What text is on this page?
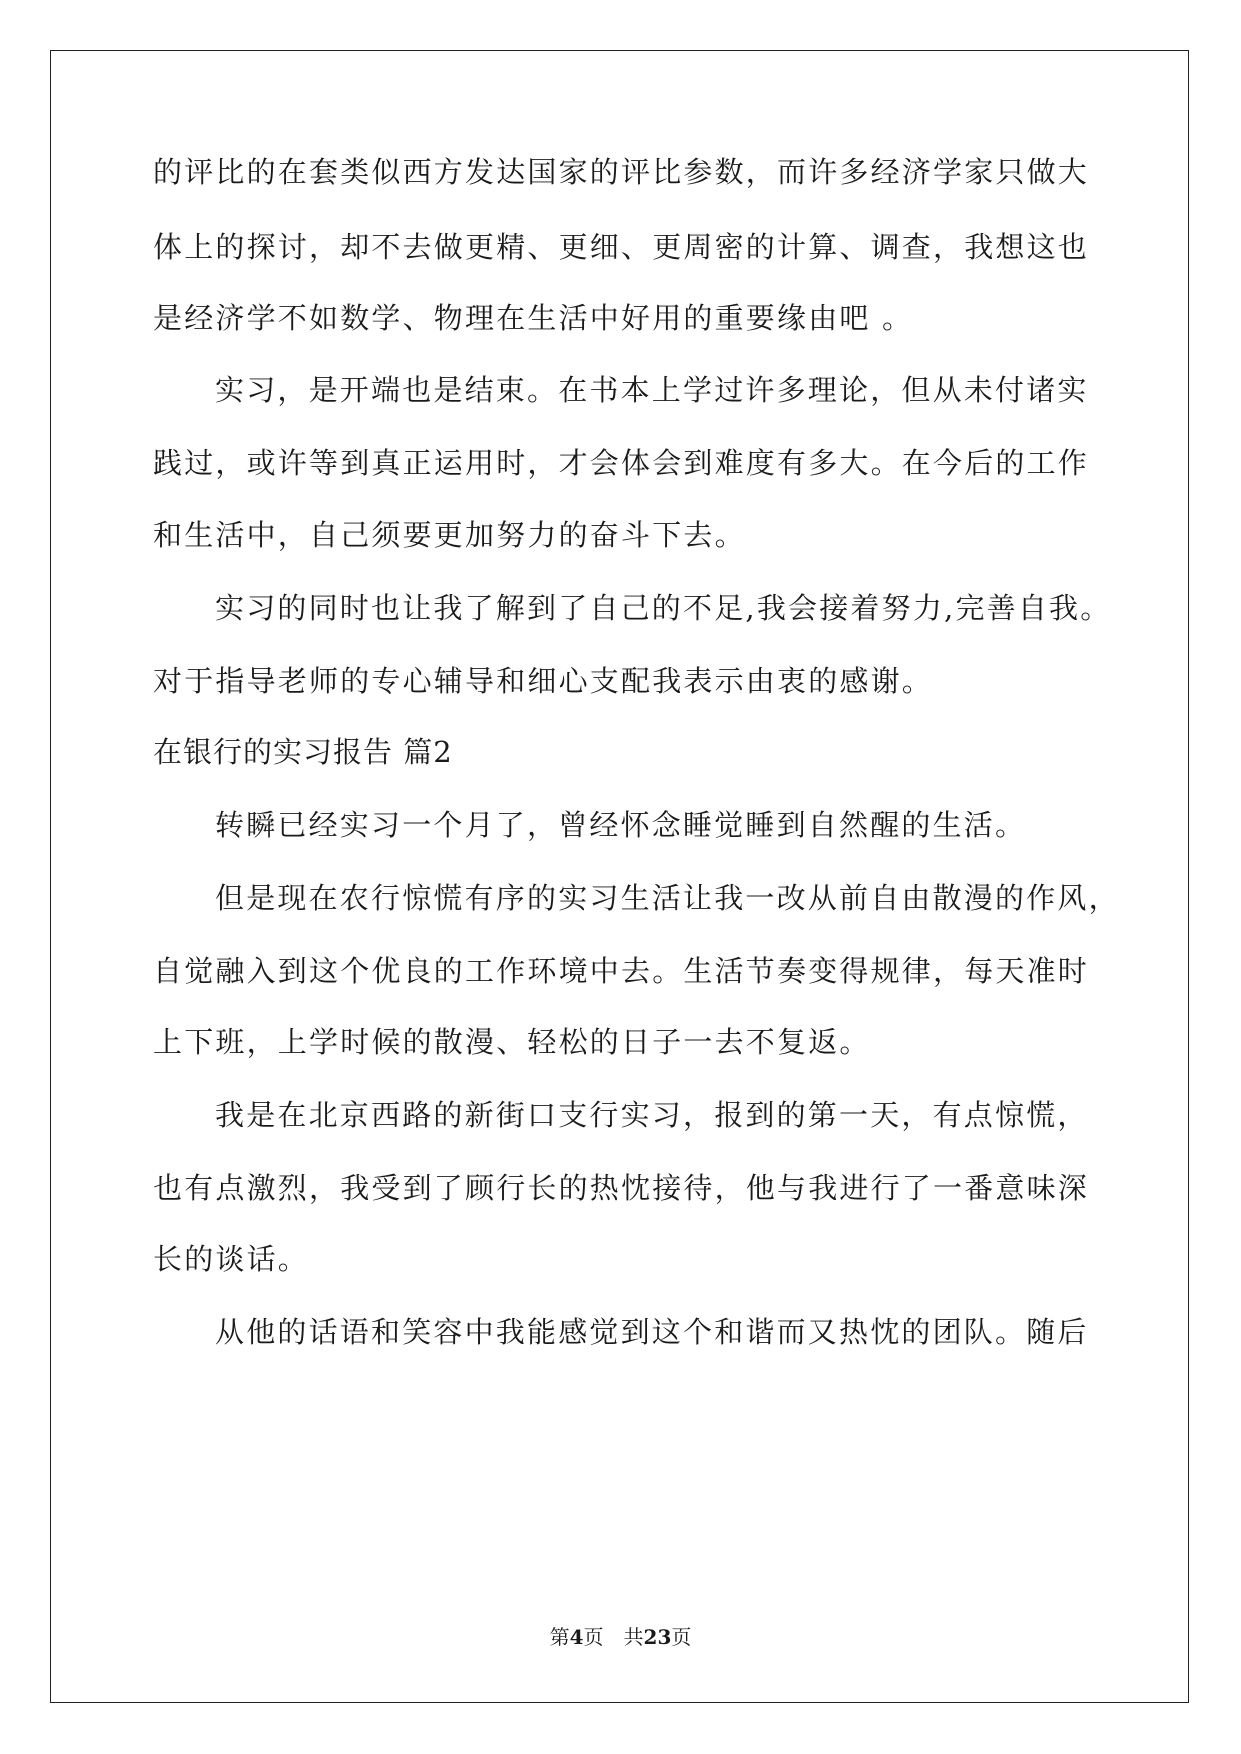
的评比的在套类似西方发达国家的评比参数，而许多经济学家只做大
体上的探讨，却不去做更精、更细、更周密的计算、调查，我想这也
是经济学不如数学、物理在生活中好用的重要缘由吧 。
实习，是开端也是结束。在书本上学过许多理论，但从未付诸实
践过，或许等到真正运用时，才会体会到难度有多大。在今后的工作
和生活中，自己须要更加努力的奋斗下去。
实习的同时也让我了解到了自己的不足,我会接着努力,完善自我。
对于指导老师的专心辅导和细心支配我表示由衷的感谢。
在银行的实习报告 篇2
转瞬已经实习一个月了，曾经怀念睡觉睡到自然醒的生活。
但是现在农行惊慌有序的实习生活让我一改从前自由散漫的作风，
自觉融入到这个优良的工作环境中去。生活节奏变得规律，每天准时
上下班，上学时候的散漫、轻松的日子一去不复返。
我是在北京西路的新街口支行实习，报到的第一天，有点惊慌，
也有点激烈，我受到了顾行长的热忱接待，他与我进行了一番意味深
长的谈话。
从他的话语和笑容中我能感觉到这个和谐而又热忱的团队。随后
第4页　共23页
